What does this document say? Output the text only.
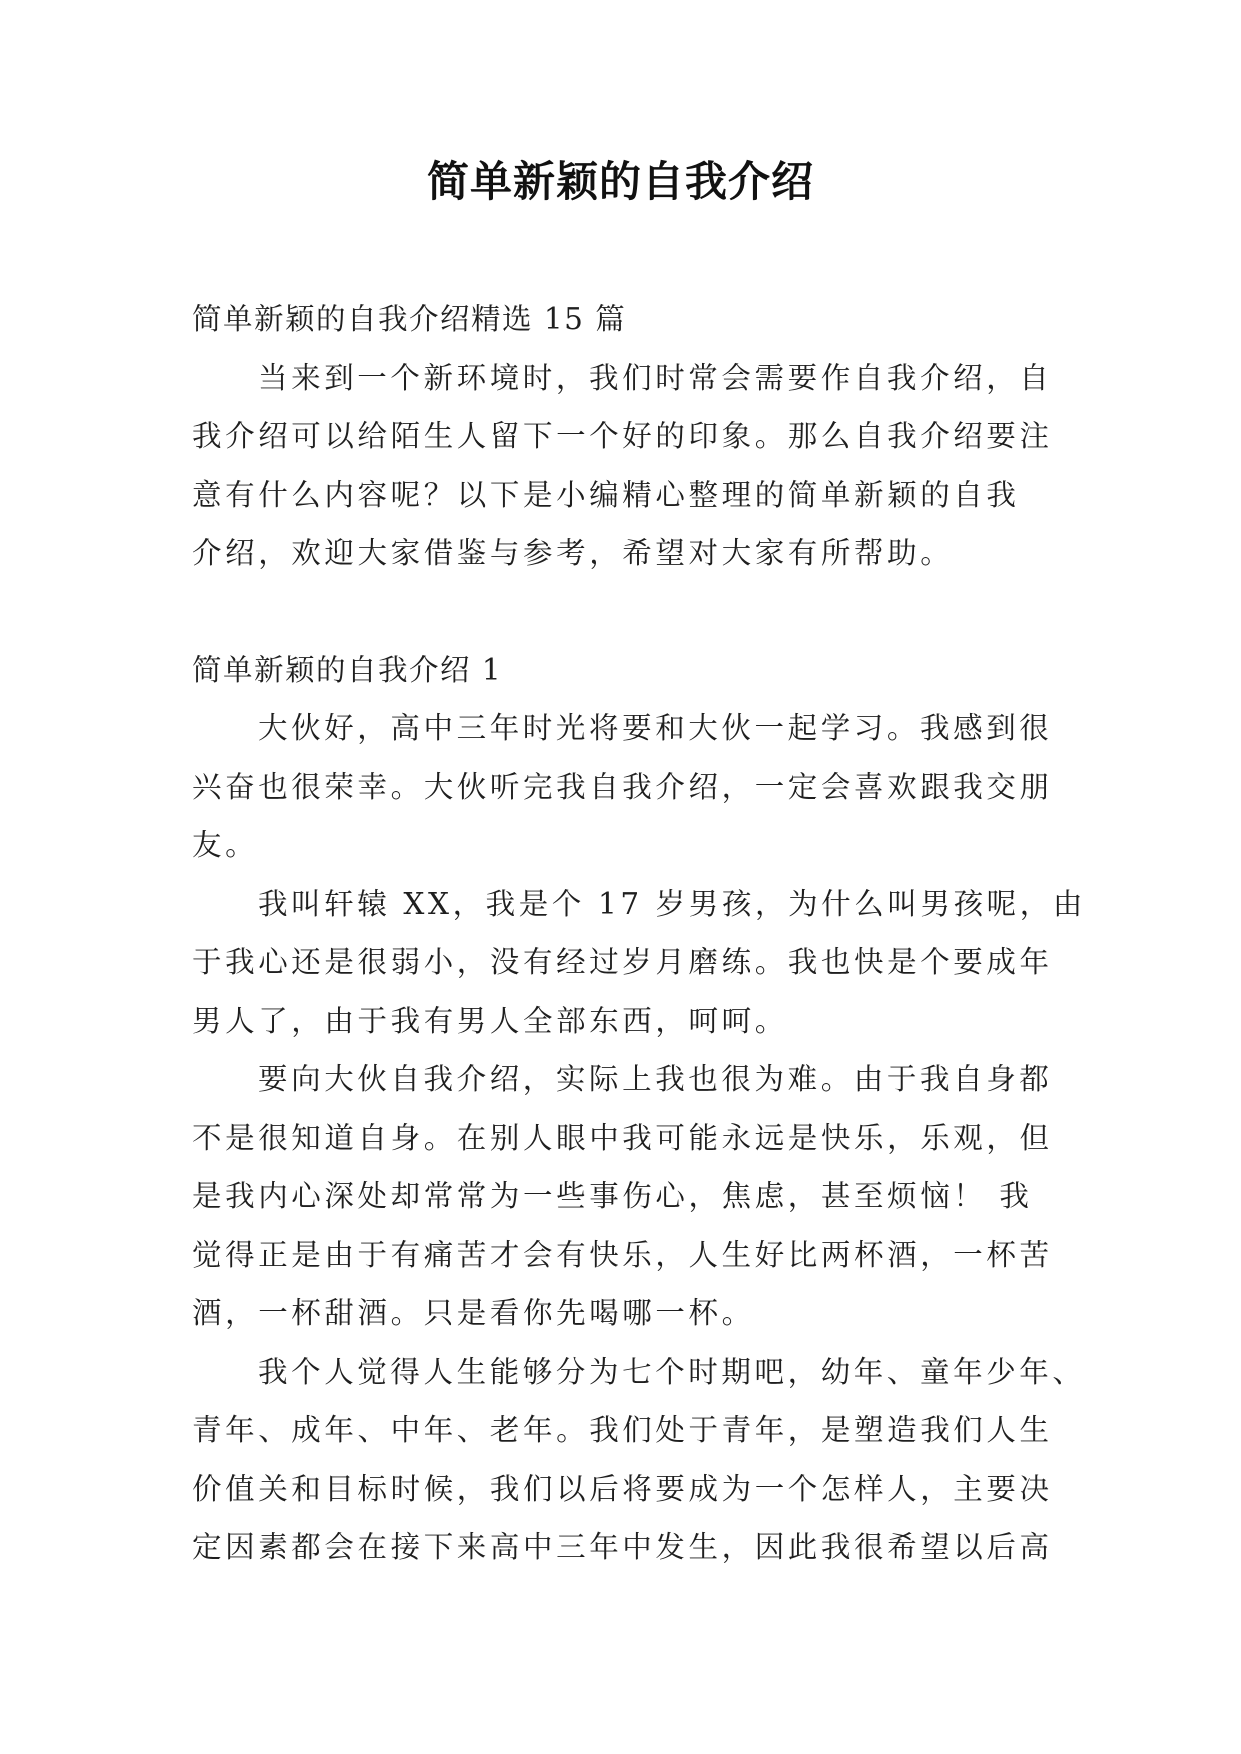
简单新颖的自我介绍
简单新颖的自我介绍精选 15 篇
当来到一个新环境时，我们时常会需要作自我介绍，自
我介绍可以给陌生人留下一个好的印象。那么自我介绍要注
意有什么内容呢？以下是小编精心整理的简单新颖的自我
介绍，欢迎大家借鉴与参考，希望对大家有所帮助。
简单新颖的自我介绍 1
大伙好，高中三年时光将要和大伙一起学习。我感到很
兴奋也很荣幸。大伙听完我自我介绍，一定会喜欢跟我交朋
友。
我叫轩辕 XX，我是个 17 岁男孩，为什么叫男孩呢，由
于我心还是很弱小，没有经过岁月磨练。我也快是个要成年
男人了，由于我有男人全部东西，呵呵。
要向大伙自我介绍，实际上我也很为难。由于我自身都
不是很知道自身。在别人眼中我可能永远是快乐，乐观，但
是我内心深处却常常为一些事伤心，焦虑，甚至烦恼！ 我
觉得正是由于有痛苦才会有快乐，人生好比两杯酒，一杯苦
酒，一杯甜酒。只是看你先喝哪一杯。
我个人觉得人生能够分为七个时期吧，幼年、童年少年、
青年、成年、中年、老年。我们处于青年，是塑造我们人生
价值关和目标时候，我们以后将要成为一个怎样人，主要决
定因素都会在接下来高中三年中发生，因此我很希望以后高
